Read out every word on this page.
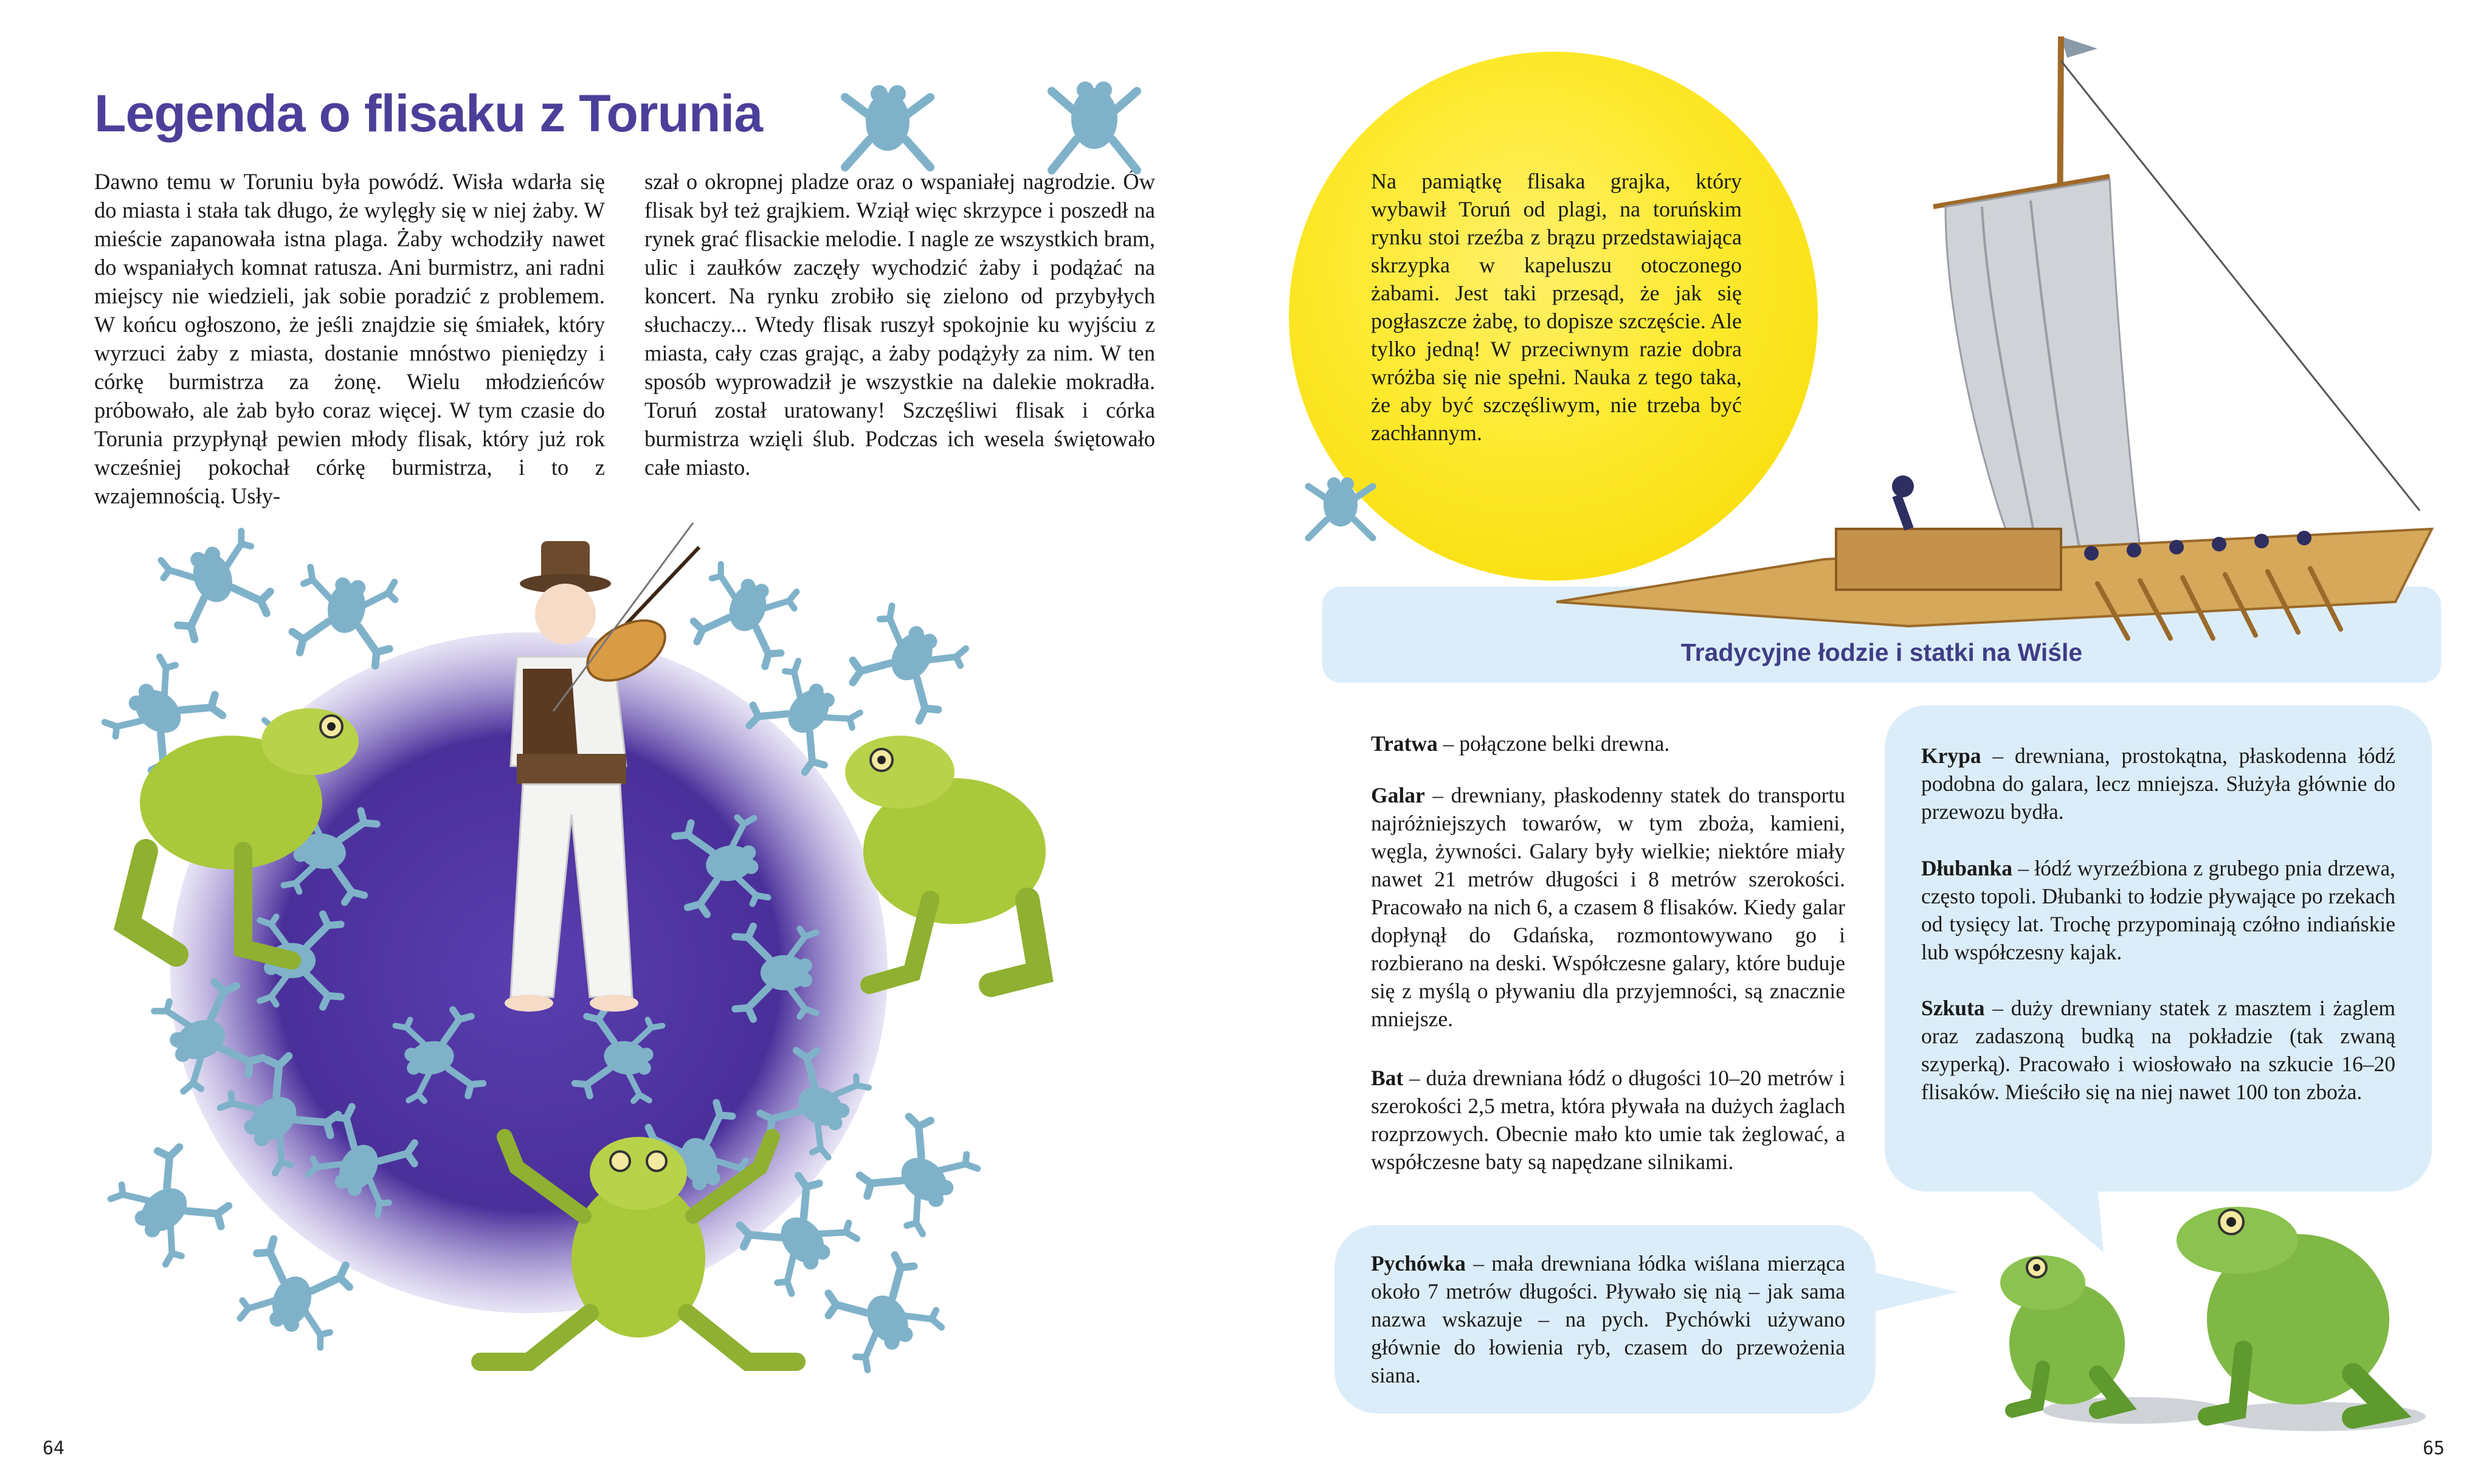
Legenda o flisaku z Torunia
Dawno temu w Toruniu była powódź. Wisła wdarła się do miasta i stała tak długo, że wylęgły się w niej żaby. W mieście zapanowała istna plaga. Żaby wchodziły nawet do wspaniałych komnat ratusza. Ani burmistrz, ani radni miejscy nie wiedzieli, jak sobie poradzić z problemem. W końcu ogłoszono, że jeśli znajdzie się śmiałek, który wyrzuci żaby z miasta, dostanie mnóstwo pieniędzy i córkę burmistrza za żonę. Wielu młodzieńców próbowało, ale żab było coraz więcej. W tym czasie do Torunia przypłynął pewien młody flisak, który już rok wcześniej pokochał córkę burmistrza, i to z wzajemnością. Usły-
szał o okropnej pladze oraz o wspaniałej nagrodzie. Ów flisak był też grajkiem. Wziął więc skrzypce i poszedł na rynek grać flisackie melodie. I nagle ze wszystkich bram, ulic i zaułków zaczęły wychodzić żaby i podążać na koncert. Na rynku zrobiło się zielono od przybyłych słuchaczy... Wtedy flisak ruszył spokojnie ku wyjściu z miasta, cały czas grając, a żaby podążyły za nim. W ten sposób wyprowadził je wszystkie na dalekie mokradła. Toruń został uratowany! Szczęśliwi flisak i córka burmistrza wzięli ślub. Podczas ich wesela świętowało całe miasto.
64
Na pamiątkę flisaka grajka, który wybawił Toruń od plagi, na toruńskim rynku stoi rzeźba z brązu przedstawiająca skrzypka w kapeluszu otoczonego żabami. Jest taki przesąd, że jak się pogłaszcze żabę, to dopisze szczęście. Ale tylko jedną! W przeciwnym razie dobra wróżba się nie spełni. Nauka z tego taka, że aby być szczęśliwym, nie trzeba być zachłannym.
Tradycyjne łodzie i statki na Wiśle
Tratwa – połączone belki drewna.
Galar – drewniany, płaskodenny statek do transportu najróżniejszych towarów, w tym zboża, kamieni, węgla, żywności. Galary były wielkie; niektóre miały nawet 21 metrów długości i 8 metrów szerokości. Pracowało na nich 6, a czasem 8 flisaków. Kiedy galar dopłynął do Gdańska, rozmontowywano go i rozbierano na deski. Współczesne galary, które buduje się z myślą o pływaniu dla przyjemności, są znacznie mniejsze.
Bat – duża drewniana łódź o długości 10–20 metrów i szerokości 2,5 metra, która pływała na dużych żaglach rozprzowych. Obecnie mało kto umie tak żeglować, a współczesne baty są napędzane silnikami.
Pychówka – mała drewniana łódka wiślana mierząca około 7 metrów długości. Pływało się nią – jak sama nazwa wskazuje – na pych. Pychówki używano głównie do łowienia ryb, czasem do przewożenia siana.
Krypa – drewniana, prostokątna, płaskodenna łódź podobna do galara, lecz mniejsza. Służyła głównie do przewozu bydła.
Dłubanka – łódź wyrzeźbiona z grubego pnia drzewa, często topoli. Dłubanki to łodzie pływające po rzekach od tysięcy lat. Trochę przypominają czółno indiańskie lub współczesny kajak.
Szkuta – duży drewniany statek z masztem i żaglem oraz zadaszoną budką na pokładzie (tak zwaną szyperką). Pracowało i wiosłowało na szkucie 16–20 flisaków. Mieściło się na niej nawet 100 ton zboża.
65
